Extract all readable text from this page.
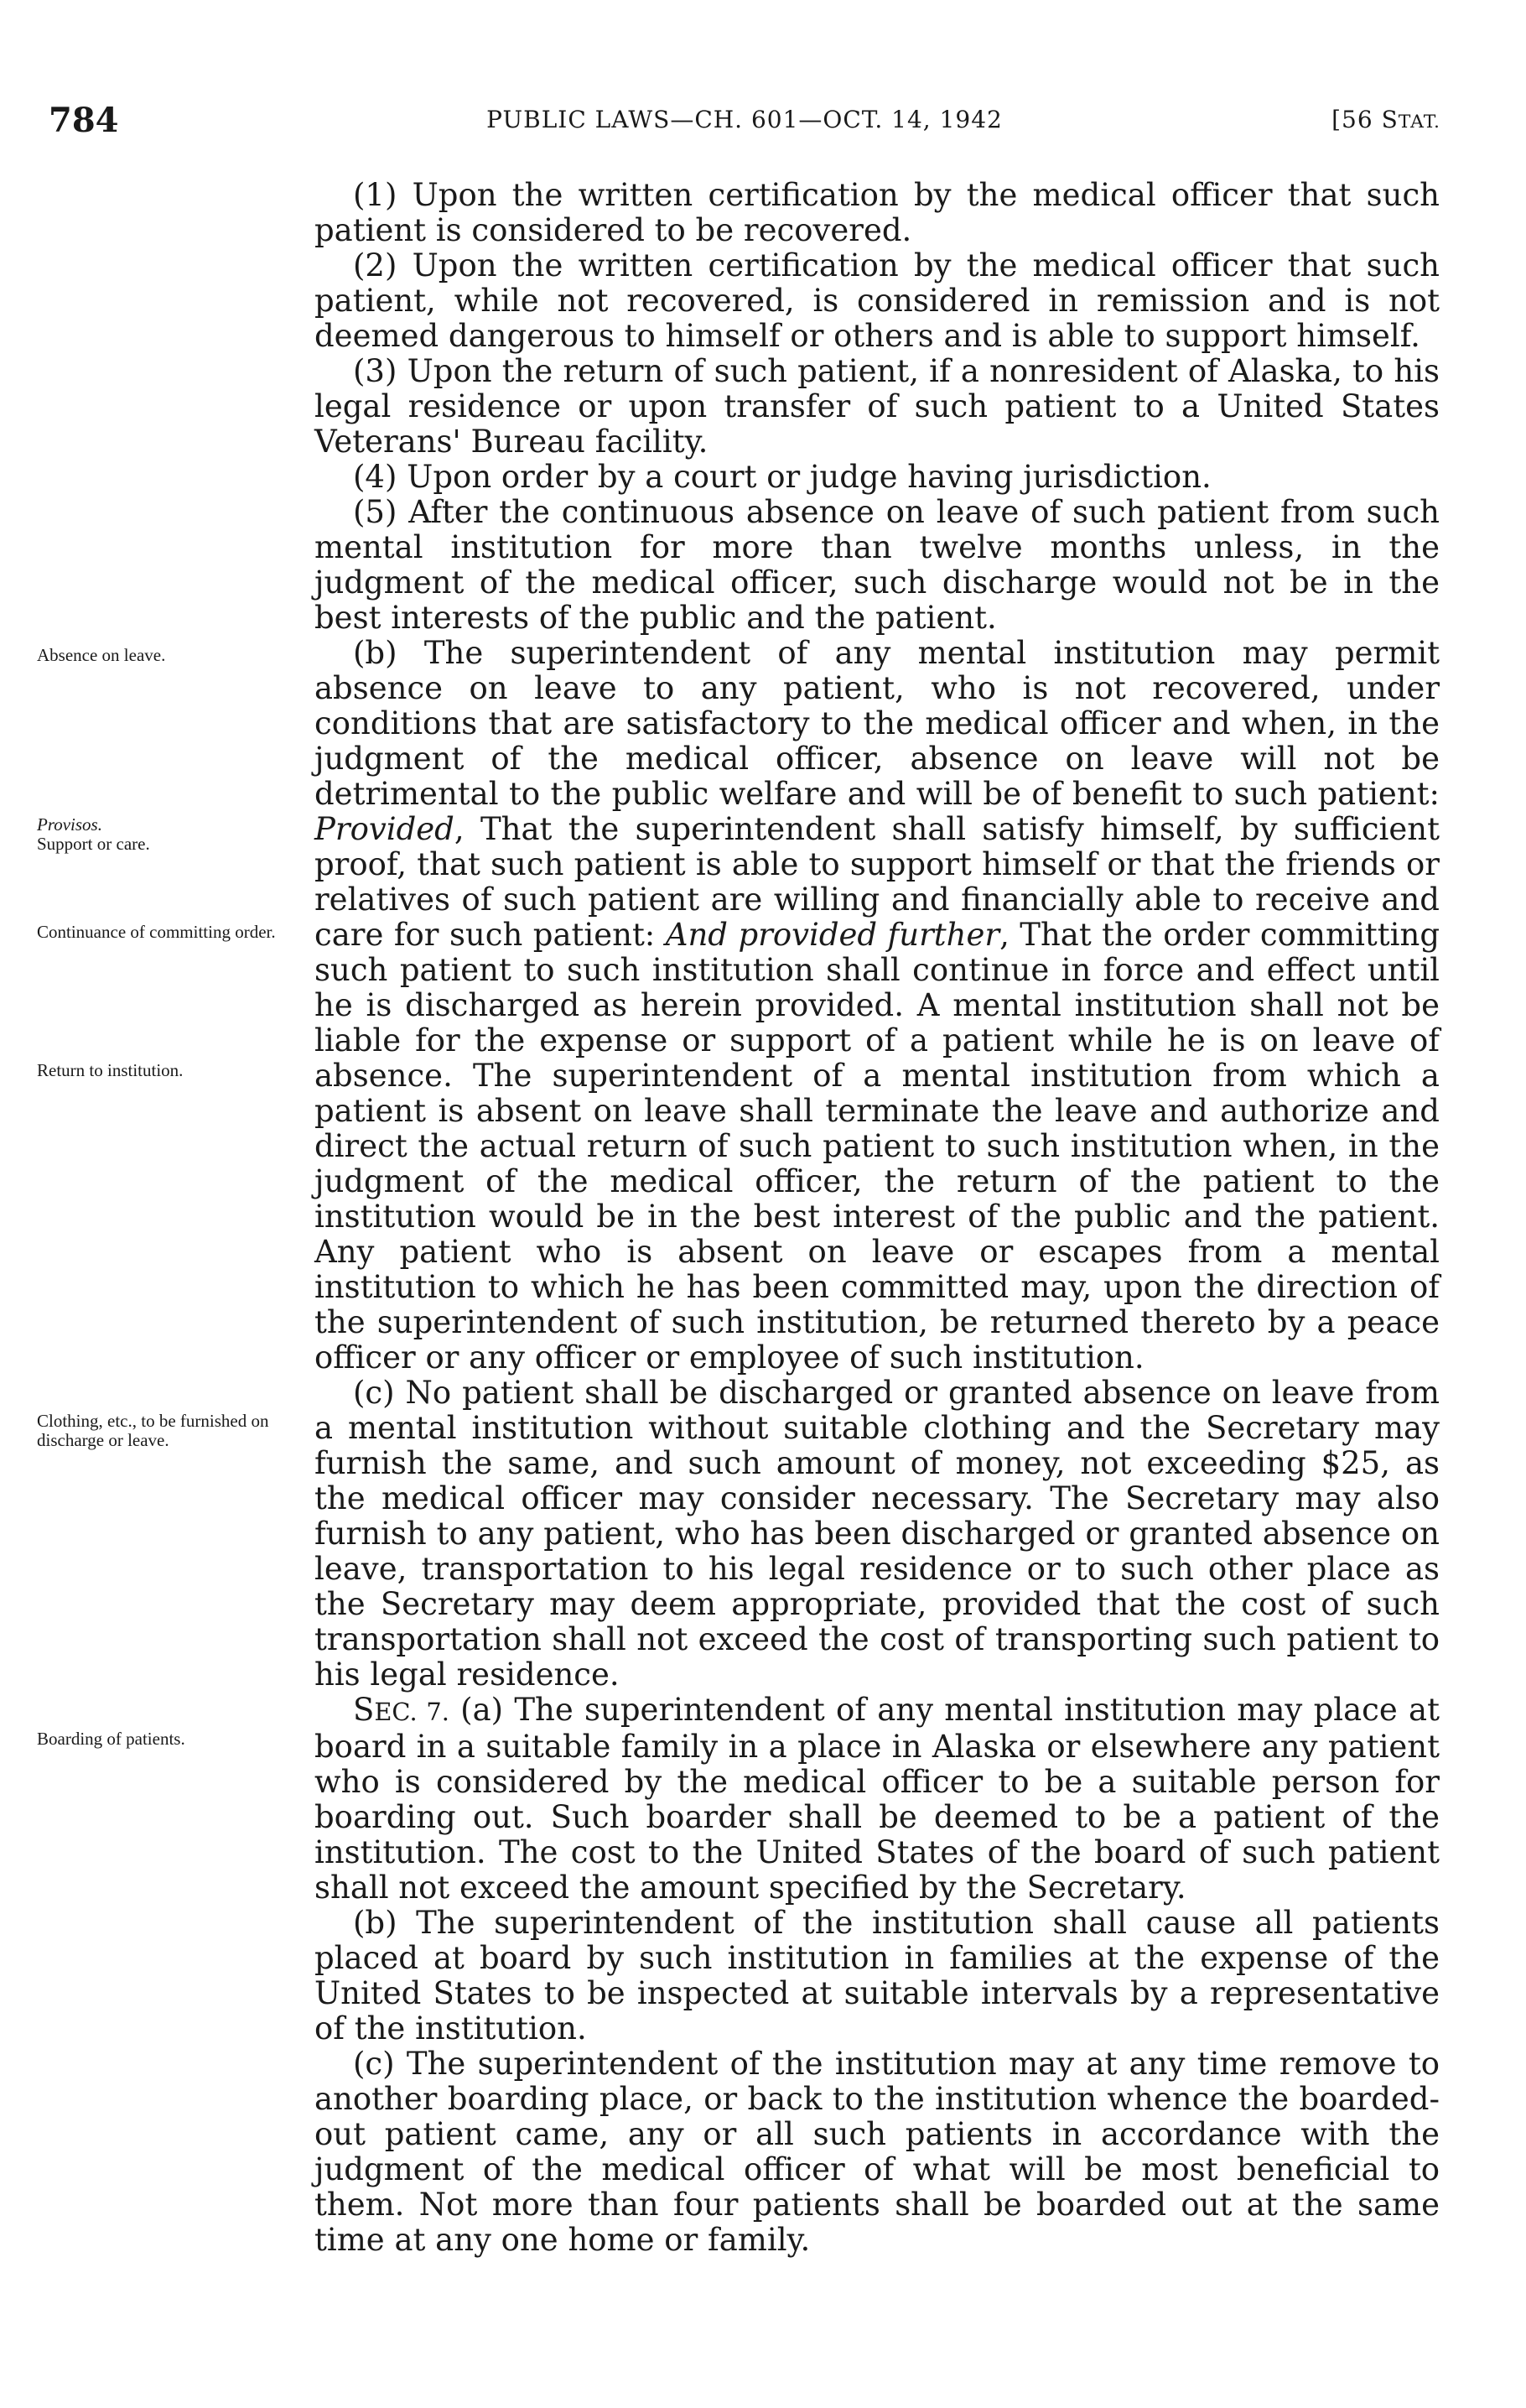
784	PUBLIC LAWS—CH. 601—OCT. 14, 1942	[56 STAT.
Absence on leave.
Provisos.
Support or care.
Continuance of committing order.
Return to institution.
Clothing, etc., to be furnished on discharge or leave.
Boarding of patients.

(1) Upon the written certification by the medical officer that such patient is considered to be recovered.

(2) Upon the written certification by the medical officer that such patient, while not recovered, is considered in remission and is not deemed dangerous to himself or others and is able to support himself.

(3) Upon the return of such patient, if a nonresident of Alaska, to his legal residence or upon transfer of such patient to a United States Veterans' Bureau facility.

(4) Upon order by a court or judge having jurisdiction.

(5) After the continuous absence on leave of such patient from such mental institution for more than twelve months unless, in the judgment of the medical officer, such discharge would not be in the best interests of the public and the patient.

(b) The superintendent of any mental institution may permit absence on leave to any patient, who is not recovered, under conditions that are satisfactory to the medical officer and when, in the judgment of the medical officer, absence on leave will not be detrimental to the public welfare and will be of benefit to such patient: Provided, That the superintendent shall satisfy himself, by sufficient proof, that such patient is able to support himself or that the friends or relatives of such patient are willing and financially able to receive and care for such patient: And provided further, That the order committing such patient to such institution shall continue in force and effect until he is discharged as herein provided. A mental institution shall not be liable for the expense or support of a patient while he is on leave of absence. The superintendent of a mental institution from which a patient is absent on leave shall terminate the leave and authorize and direct the actual return of such patient to such institution when, in the judgment of the medical officer, the return of the patient to the institution would be in the best interest of the public and the patient. Any patient who is absent on leave or escapes from a mental institution to which he has been committed may, upon the direction of the superintendent of such institution, be returned thereto by a peace officer or any officer or employee of such institution.

(c) No patient shall be discharged or granted absence on leave from a mental institution without suitable clothing and the Secretary may furnish the same, and such amount of money, not exceeding $25, as the medical officer may consider necessary. The Secretary may also furnish to any patient, who has been discharged or granted absence on leave, transportation to his legal residence or to such other place as the Secretary may deem appropriate, provided that the cost of such transportation shall not exceed the cost of transporting such patient to his legal residence.

SEC. 7. (a) The superintendent of any mental institution may place at board in a suitable family in a place in Alaska or elsewhere any patient who is considered by the medical officer to be a suitable person for boarding out. Such boarder shall be deemed to be a patient of the institution. The cost to the United States of the board of such patient shall not exceed the amount specified by the Secretary.

(b) The superintendent of the institution shall cause all patients placed at board by such institution in families at the expense of the United States to be inspected at suitable intervals by a representative of the institution.

(c) The superintendent of the institution may at any time remove to another boarding place, or back to the institution whence the boarded-out patient came, any or all such patients in accordance with the judgment of the medical officer of what will be most beneficial to them. Not more than four patients shall be boarded out at the same time at any one home or family.
